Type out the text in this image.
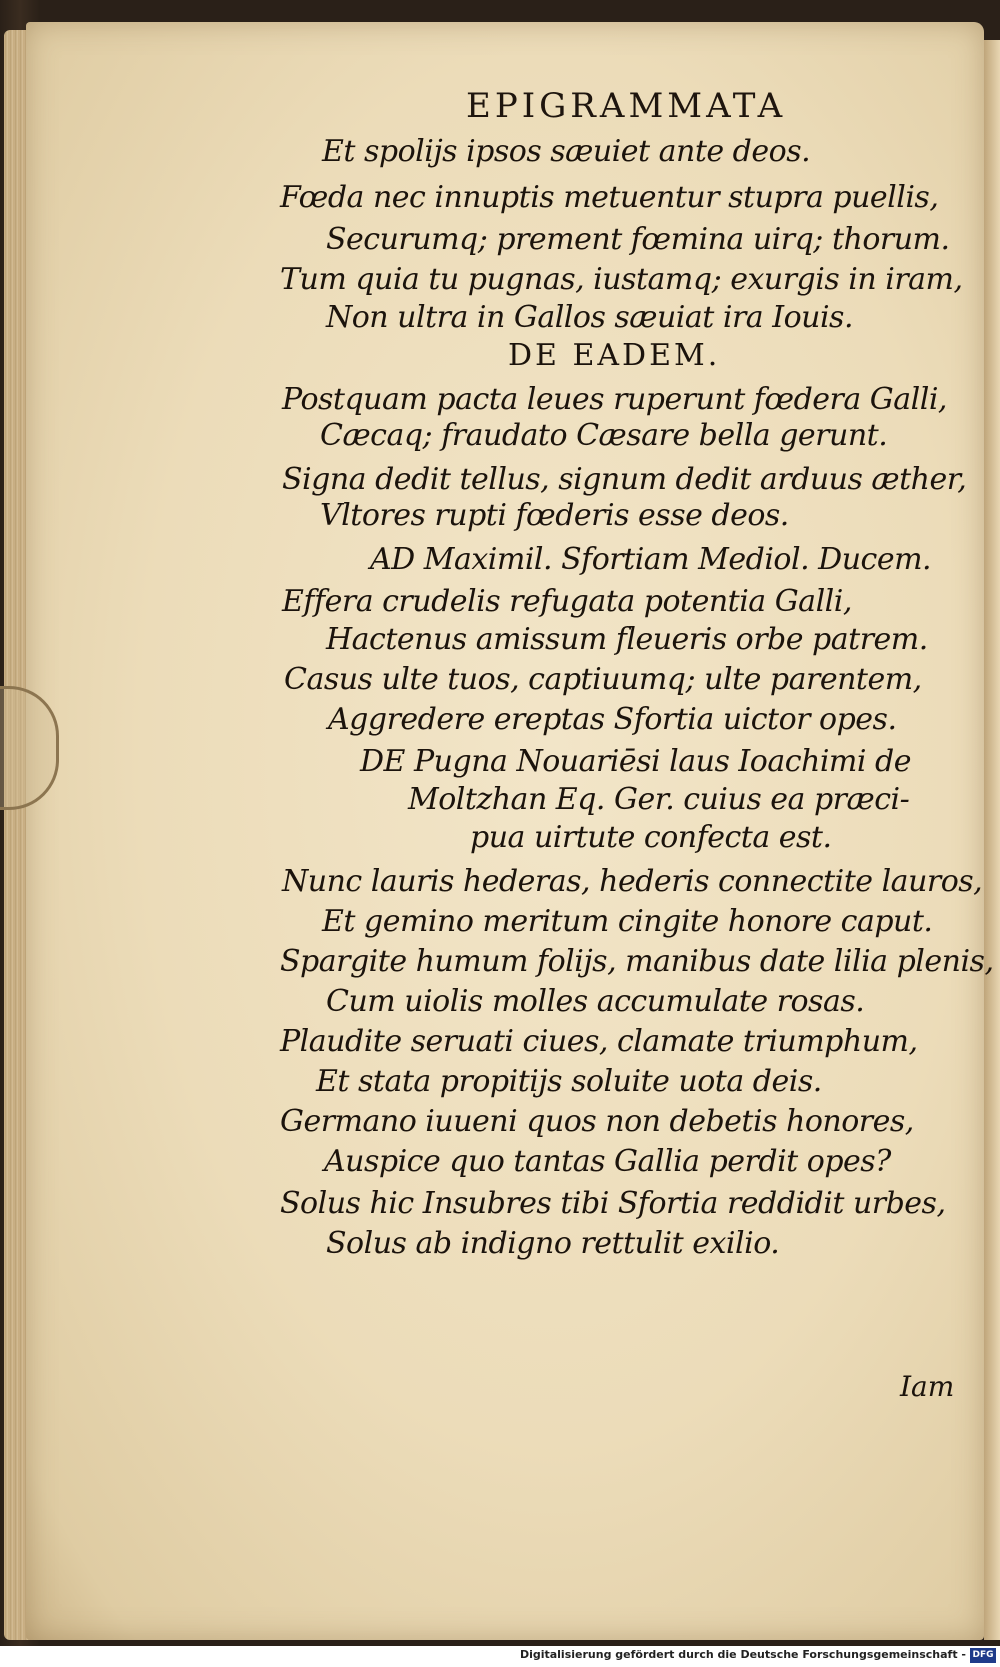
EPIGRAMMATA
Et spolijs ipsos sæuiet ante deos.
Fœda nec innuptis metuentur stupra puellis,
Securumq; prement fœmina uirq; thorum.
Tum quia tu pugnas, iustamq; exurgis in iram,
Non ultra in Gallos sæuiat ira Iouis.
DE EADEM.
Postquam pacta leues ruperunt fœdera Galli,
Cæcaq; fraudato Cæsare bella gerunt.
Signa dedit tellus, signum dedit arduus æther,
Vltores rupti fœderis esse deos.
AD Maximil. Sfortiam Mediol. Ducem.
Effera crudelis refugata potentia Galli,
Hactenus amissum fleueris orbe patrem.
Casus ulte tuos, captiuumq; ulte parentem,
Aggredere ereptas Sfortia uictor opes.
DE Pugna Nouariēsi laus Ioachimi de
Moltzhan Eq. Ger. cuius ea præci-
pua uirtute confecta est.
Nunc lauris hederas, hederis connectite lauros,
Et gemino meritum cingite honore caput.
Spargite humum folijs, manibus date lilia plenis,
Cum uiolis molles accumulate rosas.
Plaudite seruati ciues, clamate triumphum,
Et stata propitijs soluite uota deis.
Germano iuueni quos non debetis honores,
Auspice quo tantas Gallia perdit opes?
Solus hic Insubres tibi Sfortia reddidit urbes,
Solus ab indigno rettulit exilio.
Iam
Digitalisierung gefördert durch die Deutsche Forschungsgemeinschaft - DFG
